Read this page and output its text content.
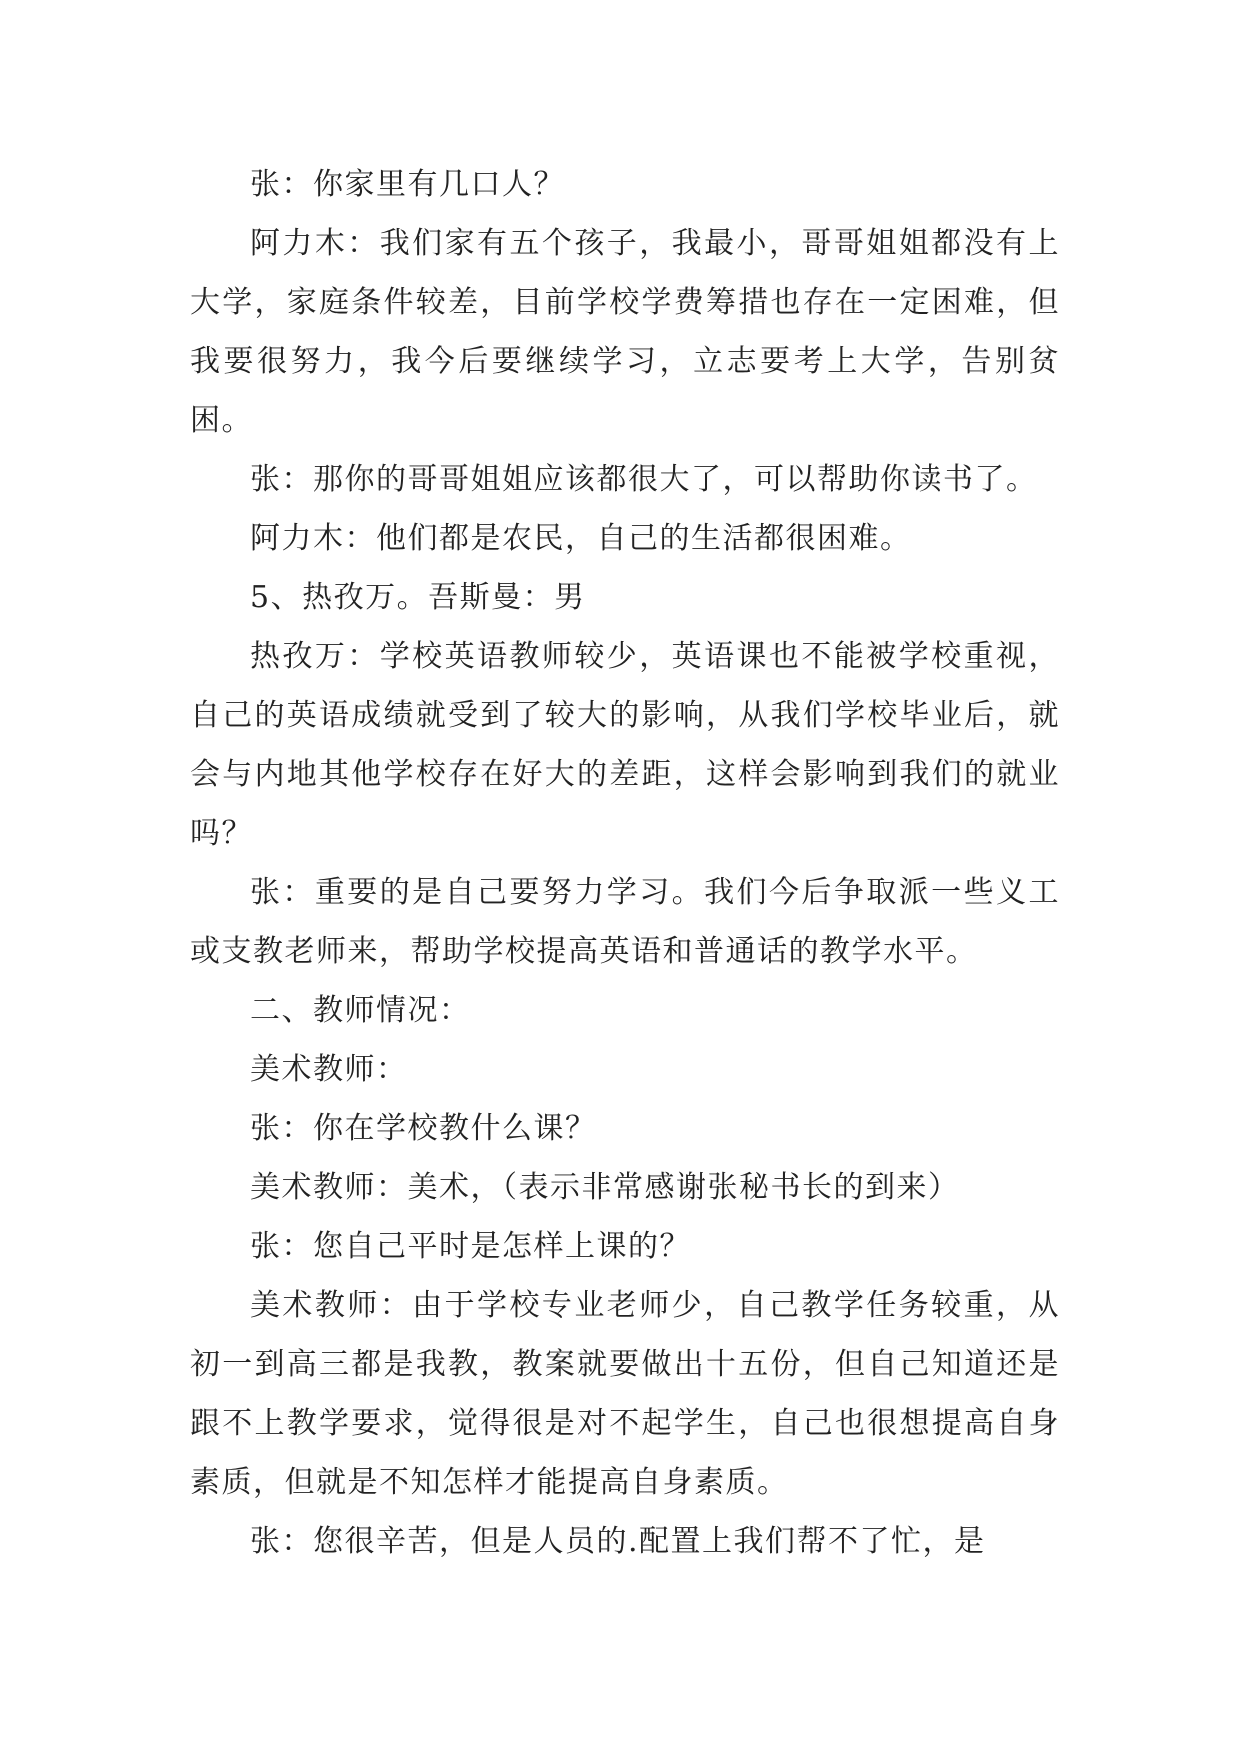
张：你家里有几口人？

阿力木：我们家有五个孩子，我最小，哥哥姐姐都没有上大学，家庭条件较差，目前学校学费筹措也存在一定困难，但我要很努力，我今后要继续学习，立志要考上大学，告别贫困。

张：那你的哥哥姐姐应该都很大了，可以帮助你读书了。

阿力木：他们都是农民，自己的生活都很困难。

5、热孜万。吾斯曼：男

热孜万：学校英语教师较少，英语课也不能被学校重视，自己的英语成绩就受到了较大的影响，从我们学校毕业后，就会与内地其他学校存在好大的差距，这样会影响到我们的就业吗？

张：重要的是自己要努力学习。我们今后争取派一些义工或支教老师来，帮助学校提高英语和普通话的教学水平。

二、教师情况：

美术教师：

张：你在学校教什么课？

美术教师：美术，（表示非常感谢张秘书长的到来）

张：您自己平时是怎样上课的？

美术教师：由于学校专业老师少，自己教学任务较重，从初一到高三都是我教，教案就要做出十五份，但自己知道还是跟不上教学要求，觉得很是对不起学生，自己也很想提高自身素质，但就是不知怎样才能提高自身素质。

张：您很辛苦，但是人员的.配置上我们帮不了忙，是
